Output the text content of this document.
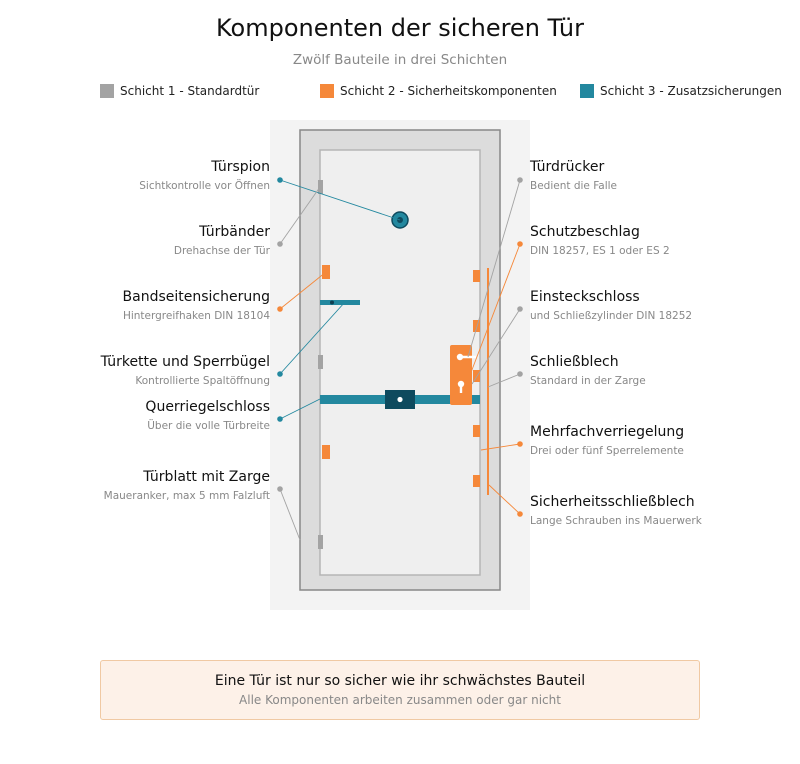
Komponenten der sicheren Tür
Zwölf Bauteile in drei Schichten
Schicht 1 - Standardtür	Schicht 2 - Sicherheitskomponenten	Schicht 3 - Zusatzsicherungen
Türspion
Sichtkontrolle vor Öffnen
Türbänder
Drehachse der Tür
Bandseitensicherung
Hintergreifhaken DIN 18104
Türkette und Sperrbügel
Kontrollierte Spaltöffnung
Querriegelschloss
Über die volle Türbreite
Türblatt mit Zarge
Maueranker, max 5 mm Falzluft
Türdrücker
Bedient die Falle
Schutzbeschlag
DIN 18257, ES 1 oder ES 2
Einsteckschloss
und Schließzylinder DIN 18252
Schließblech
Standard in der Zarge
Mehrfachverriegelung
Drei oder fünf Sperrelemente
Sicherheitsschließblech
Lange Schrauben ins Mauerwerk
Eine Tür ist nur so sicher wie ihr schwächstes Bauteil
Alle Komponenten arbeiten zusammen oder gar nicht
